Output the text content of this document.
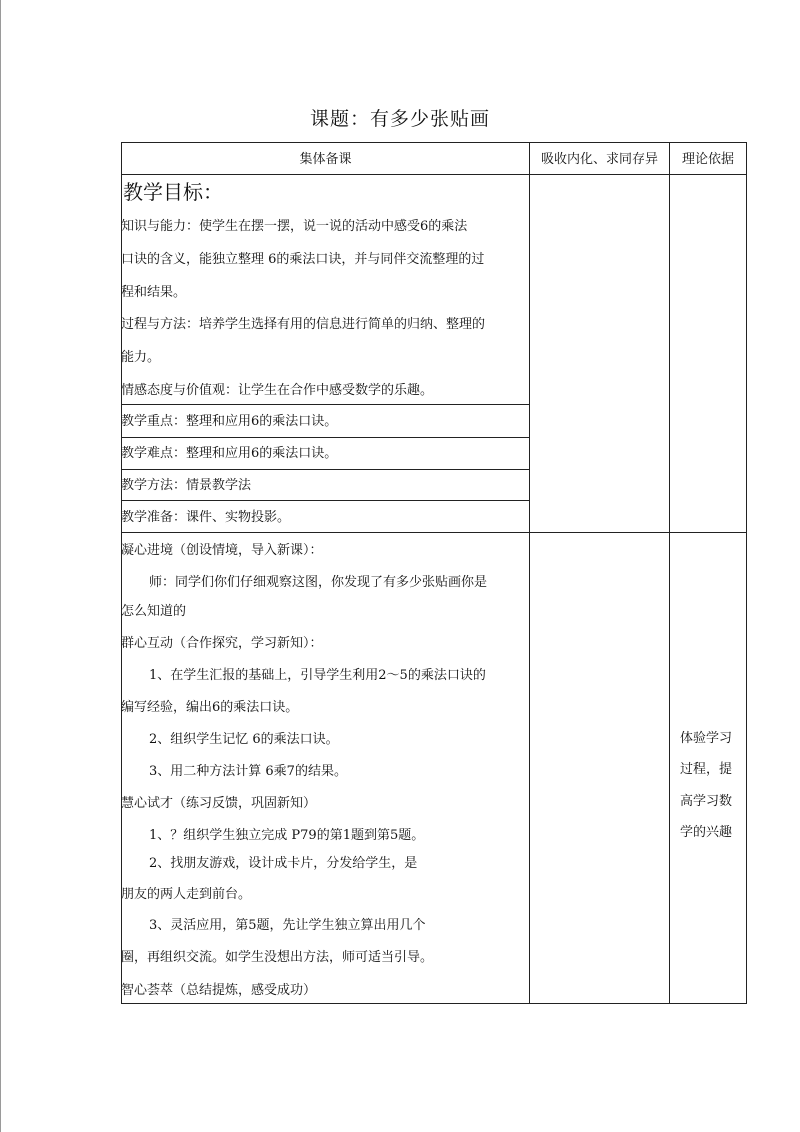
课题：有多少张贴画
集体备课	吸收内化、求同存异	理论依据
教学目标：
知识与能力：使学生在摆一摆，说一说的活动中感受6的乘法
口诀的含义，能独立整理 6的乘法口诀，并与同伴交流整理的过
程和结果。
过程与方法：培养学生选择有用的信息进行简单的归纳、整理的
能力。
情感态度与价值观：让学生在合作中感受数学的乐趣。
教学重点：整理和应用6的乘法口诀。
教学难点：整理和应用6的乘法口诀。
教学方法：情景教学法
教学准备：课件、实物投影。
凝心进境（创设情境，导入新课）：
师：同学们你们仔细观察这图，你发现了有多少张贴画你是
怎么知道的
群心互动（合作探究，学习新知）：
1、在学生汇报的基础上，引导学生利用2～5的乘法口诀的
编写经验，编出6的乘法口诀。
2、组织学生记忆 6的乘法口诀。
3、用二种方法计算 6乘7的结果。
慧心试才（练习反馈，巩固新知）
1、？组织学生独立完成 P79的第1题到第5题。
2、找朋友游戏，设计成卡片，分发给学生，是
朋友的两人走到前台。
3、灵活应用，第5题，先让学生独立算出用几个
圈，再组织交流。如学生没想出方法，师可适当引导。
智心荟萃（总结提炼，感受成功）
体验学习
过程，提
高学习数
学的兴趣
